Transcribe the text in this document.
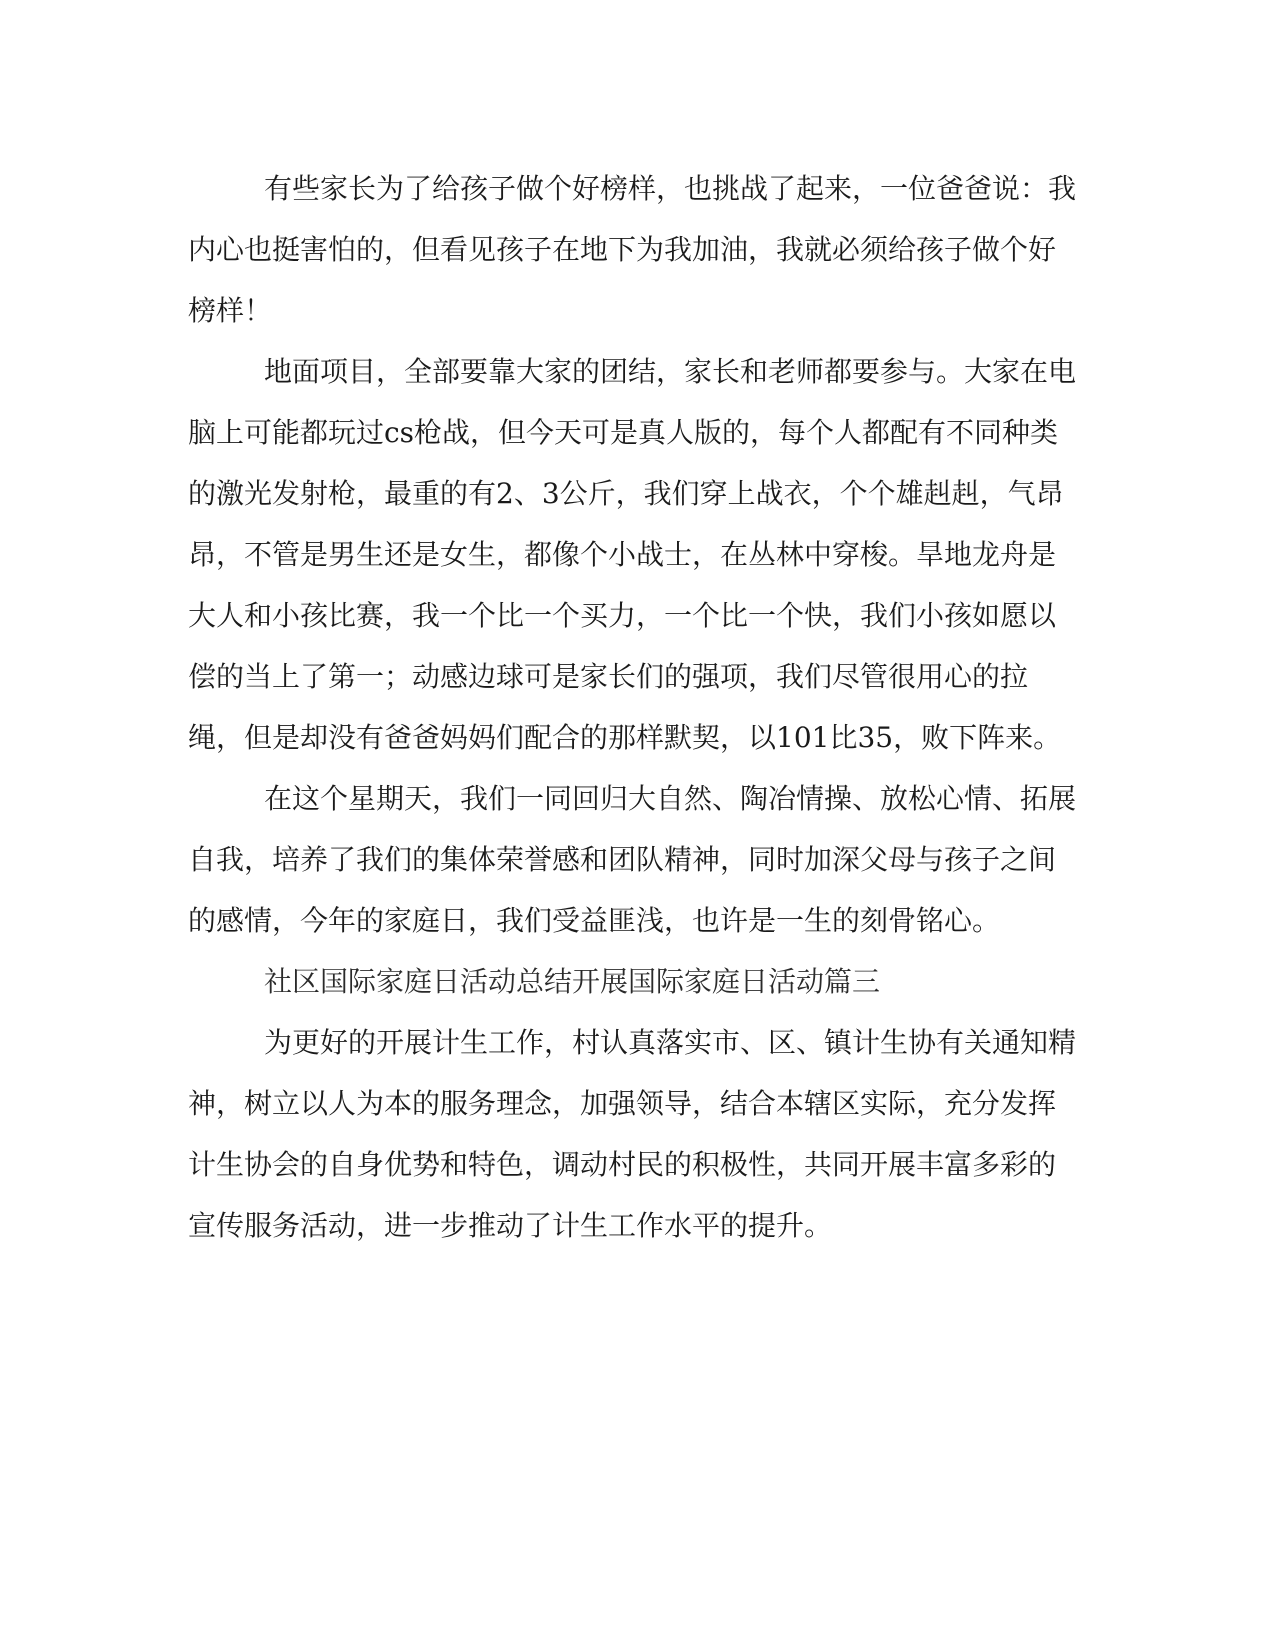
有些家长为了给孩子做个好榜样，也挑战了起来，一位爸爸说：我内心也挺害怕的，但看见孩子在地下为我加油，我就必须给孩子做个好榜样！

地面项目，全部要靠大家的团结，家长和老师都要参与。大家在电脑上可能都玩过cs枪战，但今天可是真人版的，每个人都配有不同种类的激光发射枪，最重的有2、3公斤，我们穿上战衣，个个雄赳赳，气昂昂，不管是男生还是女生，都像个小战士，在丛林中穿梭。旱地龙舟是大人和小孩比赛，我一个比一个买力，一个比一个快，我们小孩如愿以偿的当上了第一；动感边球可是家长们的强项，我们尽管很用心的拉绳，但是却没有爸爸妈妈们配合的那样默契，以101比35，败下阵来。

在这个星期天，我们一同回归大自然、陶冶情操、放松心情、拓展自我，培养了我们的集体荣誉感和团队精神，同时加深父母与孩子之间的感情，今年的家庭日，我们受益匪浅，也许是一生的刻骨铭心。

社区国际家庭日活动总结开展国际家庭日活动篇三

为更好的开展计生工作，村认真落实市、区、镇计生协有关通知精神，树立以人为本的服务理念，加强领导，结合本辖区实际，充分发挥计生协会的自身优势和特色，调动村民的积极性，共同开展丰富多彩的宣传服务活动，进一步推动了计生工作水平的提升。
